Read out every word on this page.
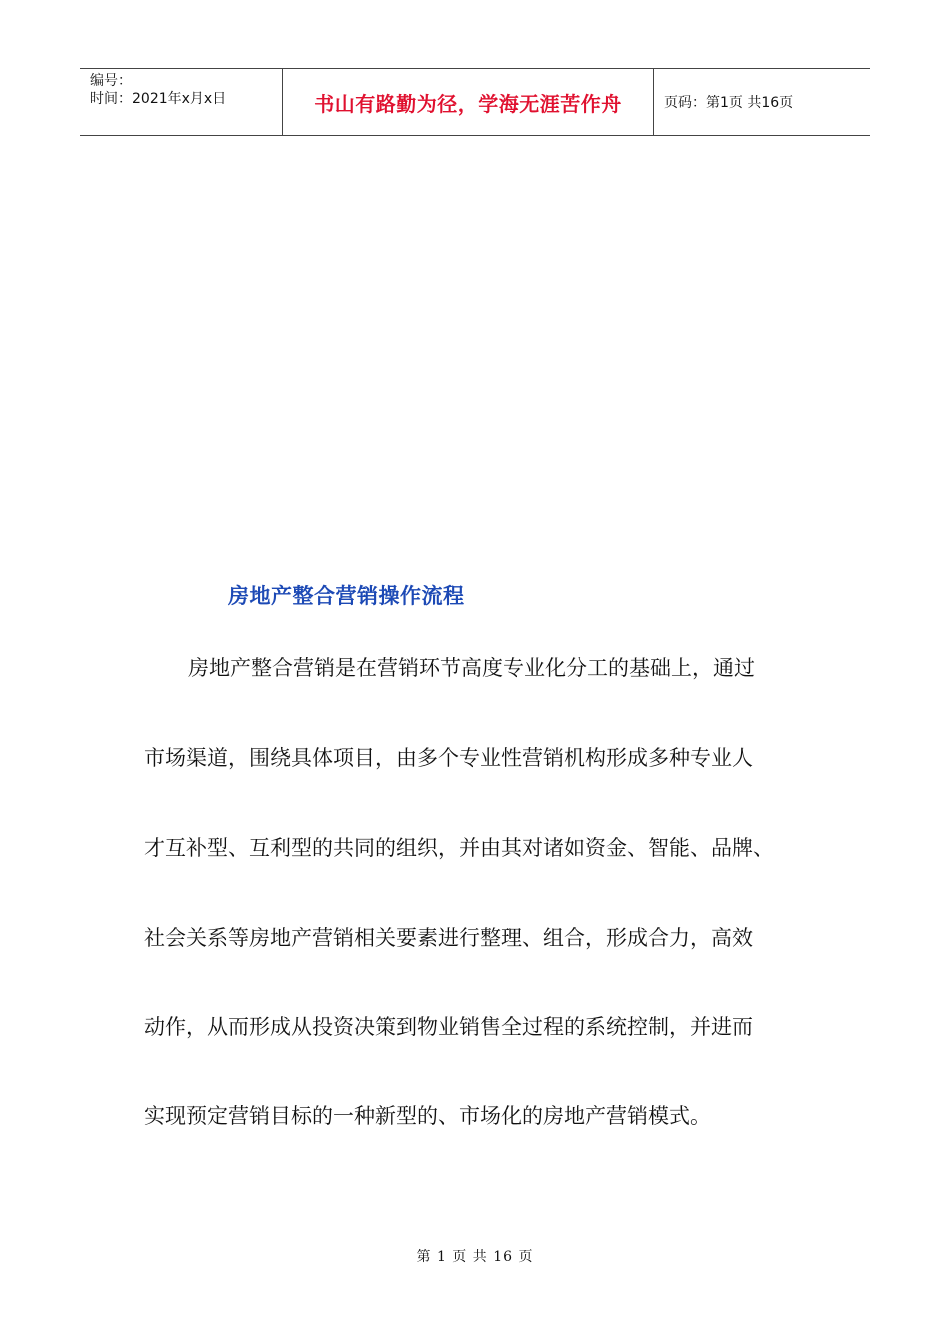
编号：
时间：2021年x月x日	书山有路勤为径，学海无涯苦作舟	页码：第1页 共16页
房地产整合营销操作流程
房地产整合营销是在营销环节高度专业化分工的基础上，通过
市场渠道，围绕具体项目，由多个专业性营销机构形成多种专业人
才互补型、互利型的共同的组织，并由其对诸如资金、智能、品牌、
社会关系等房地产营销相关要素进行整理、组合，形成合力，高效
动作，从而形成从投资决策到物业销售全过程的系统控制，并进而
实现预定营销目标的一种新型的、市场化的房地产营销模式。
第 1 页 共 16 页
